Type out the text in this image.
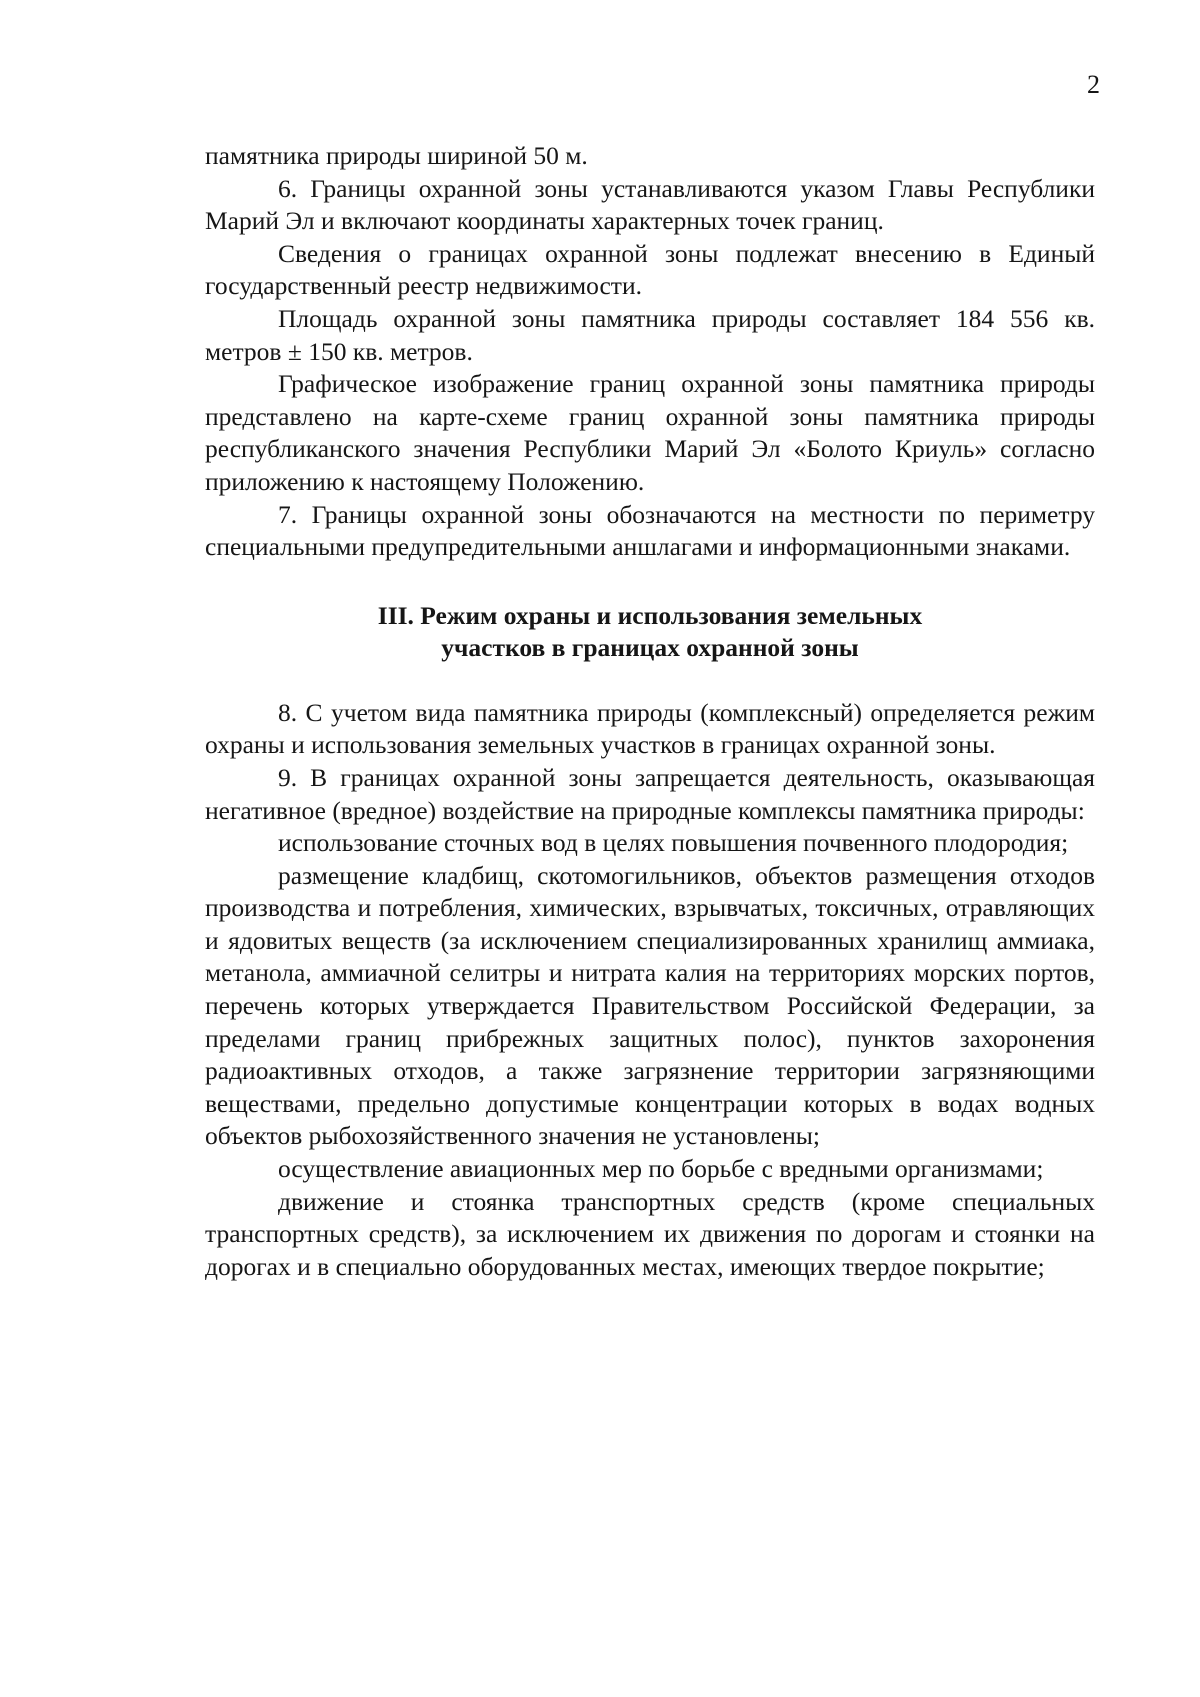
2

памятника природы шириной 50 м.

6. Границы охранной зоны устанавливаются указом Главы Республики Марий Эл и включают координаты характерных точек границ.

Сведения о границах охранной зоны подлежат внесению в Единый государственный реестр недвижимости.

Площадь охранной зоны памятника природы составляет 184 556 кв. метров ± 150 кв. метров.

Графическое изображение границ охранной зоны памятника природы представлено на карте-схеме границ охранной зоны памятника природы республиканского значения Республики Марий Эл «Болото Криуль» согласно приложению к настоящему Положению.

7. Границы охранной зоны обозначаются на местности по периметру специальными предупредительными аншлагами и информационными знаками.

III. Режим охраны и использования земельных
участков в границах охранной зоны

8. С учетом вида памятника природы (комплексный) определяется режим охраны и использования земельных участков в границах охранной зоны.

9. В границах охранной зоны запрещается деятельность, оказывающая негативное (вредное) воздействие на природные комплексы памятника природы:

использование сточных вод в целях повышения почвенного плодородия;

размещение кладбищ, скотомогильников, объектов размещения отходов производства и потребления, химических, взрывчатых, токсичных, отравляющих и ядовитых веществ (за исключением специализированных хранилищ аммиака, метанола, аммиачной селитры и нитрата калия на территориях морских портов, перечень которых утверждается Правительством Российской Федерации, за пределами границ прибрежных защитных полос), пунктов захоронения радиоактивных отходов, а также загрязнение территории загрязняющими веществами, предельно допустимые концентрации которых в водах водных объектов рыбохозяйственного значения не установлены;

осуществление авиационных мер по борьбе с вредными организмами;

движение и стоянка транспортных средств (кроме специальных транспортных средств), за исключением их движения по дорогам и стоянки на дорогах и в специально оборудованных местах, имеющих твердое покрытие;
